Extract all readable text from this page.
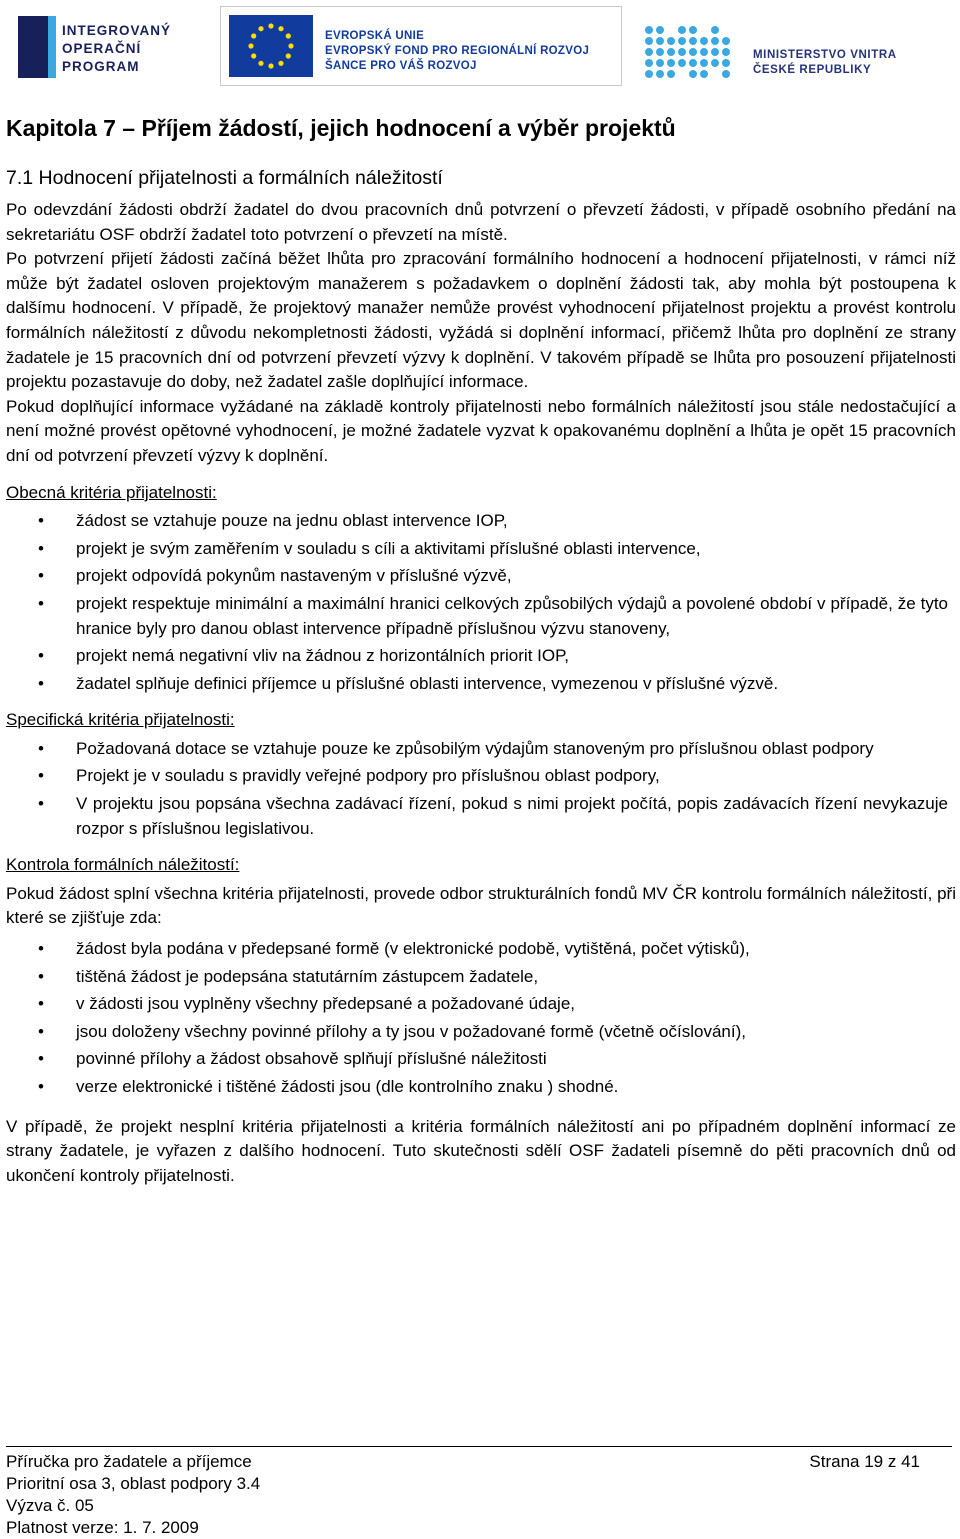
INTEGROVANÝ
OPERAČNÍ
PROGRAM
EVROPSKÁ UNIE
EVROPSKÝ FOND PRO REGIONÁLNÍ ROZVOJ
ŠANCE PRO VÁŠ ROZVOJ
MINISTERSTVO VNITRA
ČESKÉ REPUBLIKY
Kapitola 7 – Příjem žádostí, jejich hodnocení a výběr projektů
7.1 Hodnocení přijatelnosti a formálních náležitostí

Po odevzdání žádosti obdrží žadatel do dvou pracovních dnů potvrzení o převzetí žádosti, v případě osobního předání na sekretariátu OSF obdrží žadatel toto potvrzení o převzetí na místě.

Po potvrzení přijetí žádosti začíná běžet lhůta pro zpracování formálního hodnocení a hodnocení přijatelnosti, v rámci níž může být žadatel osloven projektovým manažerem s požadavkem o doplnění žádosti tak, aby mohla být postoupena k dalšímu hodnocení. V případě, že projektový manažer nemůže provést vyhodnocení přijatelnost projektu a provést kontrolu formálních náležitostí z důvodu nekompletnosti žádosti, vyžádá si doplnění informací, přičemž lhůta pro doplnění ze strany žadatele je 15 pracovních dní od potvrzení převzetí výzvy k doplnění. V takovém případě se lhůta pro posouzení přijatelnosti projektu pozastavuje do doby, než žadatel zašle doplňující informace.

Pokud doplňující informace vyžádané na základě kontroly přijatelnosti nebo formálních náležitostí jsou stále nedostačující a není možné provést opětovné vyhodnocení, je možné žadatele vyzvat k opakovanému doplnění a lhůta je opět 15 pracovních dní od potvrzení převzetí výzvy k doplnění.

Obecná kritéria přijatelnosti:
• žádost se vztahuje pouze na jednu oblast intervence IOP,
• projekt je svým zaměřením v souladu s cíli a aktivitami příslušné oblasti intervence,
• projekt odpovídá pokynům nastaveným v příslušné výzvě,
• projekt respektuje minimální a maximální hranici celkových způsobilých výdajů a povolené období v případě, že tyto hranice byly pro danou oblast intervence případně příslušnou výzvu stanoveny,
• projekt nemá negativní vliv na žádnou z horizontálních priorit IOP,
• žadatel splňuje definici příjemce u příslušné oblasti intervence, vymezenou v příslušné výzvě.
Specifická kritéria přijatelnosti:
• Požadovaná dotace se vztahuje pouze ke způsobilým výdajům stanoveným pro příslušnou oblast podpory
• Projekt je v souladu s pravidly veřejné podpory pro příslušnou oblast podpory,
• V projektu jsou popsána všechna zadávací řízení, pokud s nimi projekt počítá, popis zadávacích řízení nevykazuje rozpor s příslušnou legislativou.
Kontrola formálních náležitostí:

Pokud žádost splní všechna kritéria přijatelnosti, provede odbor strukturálních fondů MV ČR kontrolu formálních náležitostí, při které se zjišťuje zda:

• žádost byla podána v předepsané formě (v elektronické podobě, vytištěná, počet výtisků),
• tištěná žádost je podepsána statutárním zástupcem žadatele,
• v žádosti jsou vyplněny všechny předepsané a požadované údaje,
• jsou doloženy všechny povinné přílohy a ty jsou v požadované formě (včetně očíslování),
• povinné přílohy a žádost obsahově splňují příslušné náležitosti
• verze elektronické i tištěné žádosti jsou (dle kontrolního znaku ) shodné.

V případě, že projekt nesplní kritéria přijatelnosti a kritéria formálních náležitostí ani po případném doplnění informací ze strany žadatele, je vyřazen z dalšího hodnocení. Tuto skutečnosti sdělí OSF žadateli písemně do pěti pracovních dnů od ukončení kontroly přijatelnosti.

Příručka pro žadatele a příjemce	Strana 19 z 41
Prioritní osa 3, oblast podpory 3.4
Výzva č. 05
Platnost verze: 1. 7. 2009
